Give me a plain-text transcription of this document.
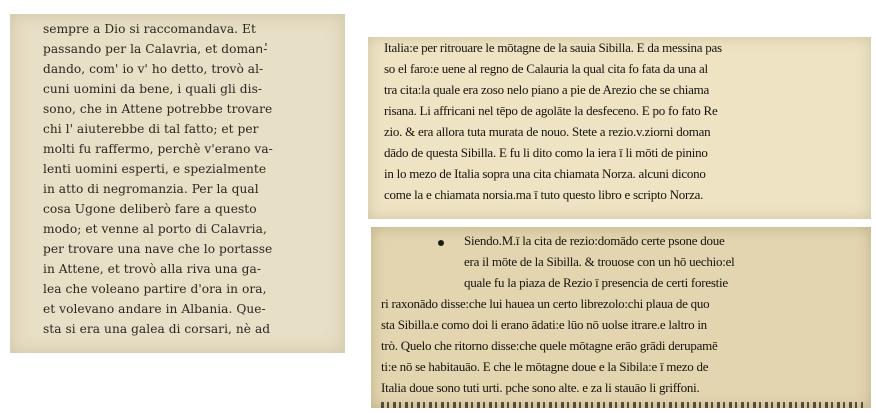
sempre a Dio si raccomandava. Et
passando per la Calavria, et domanٔ-
dando, com' io v' ho detto, trovò al-
cuni uomini da bene, i quali gli dis-
sono, che in Attene potrebbe trovare
chi l' aiuterebbe di tal fatto; et per
molti fu raffermo, perchè v'erano va-
lenti uomini esperti, e spezialmente
in atto di negromanzia. Per la qual
cosa Ugone deliberò fare a questo
modo; et venne al porto di Calavria,
per trovare una nave che lo portasse
in Attene, et trovò alla riva una ga-
lea che voleano partire d'ora in ora,
et volevano andare in Albania. Que-
sta si era una galea di corsari, nè ad
Italia:e per ritrouare le mōtagne de la sauia Sibilla. E da messina pas
so el faro:e uene al regno de Calauria la qual cita fo fata da una al
tra cita:la quale era zoso nelo piano a pie de Arezio che se chiama
risana. Li affricani nel tēpo de agolāte la desfeceno. E po fo fato Re
zio. & era allora tuta murata de nouo. Stete a rezio.v.ziorni doman
dādo de questa Sibilla. E fu li dito como la iera ī li mōti de pinino
in lo mezo de Italia sopra una cita chiamata Norza. alcuni dicono
come la e chiamata norsia.ma ī tuto questo libro e scripto Norza.
Siendo.M.ī la cita de rezio:domādo certe psone doue
era il mōte de la Sibilla. & trouose con un hō uechio:el
quale fu la piaza de Rezio ī presencia de certi forestie
ri raxonādo disse:che lui hauea un certo librezolo:chi plaua de quo
sta Sibilla.e como doi li erano ādati:e lūo nō uolse itrare.e laltro in
trò. Quelo che ritorno disse:che quele mōtagne erāo grādi derupamē
ti:e nō se habitauāo. E che le mōtagne doue e la Sibila:e ī mezo de
Italia doue sono tuti urti. pche sono alte. e za li stauāo li griffoni.
